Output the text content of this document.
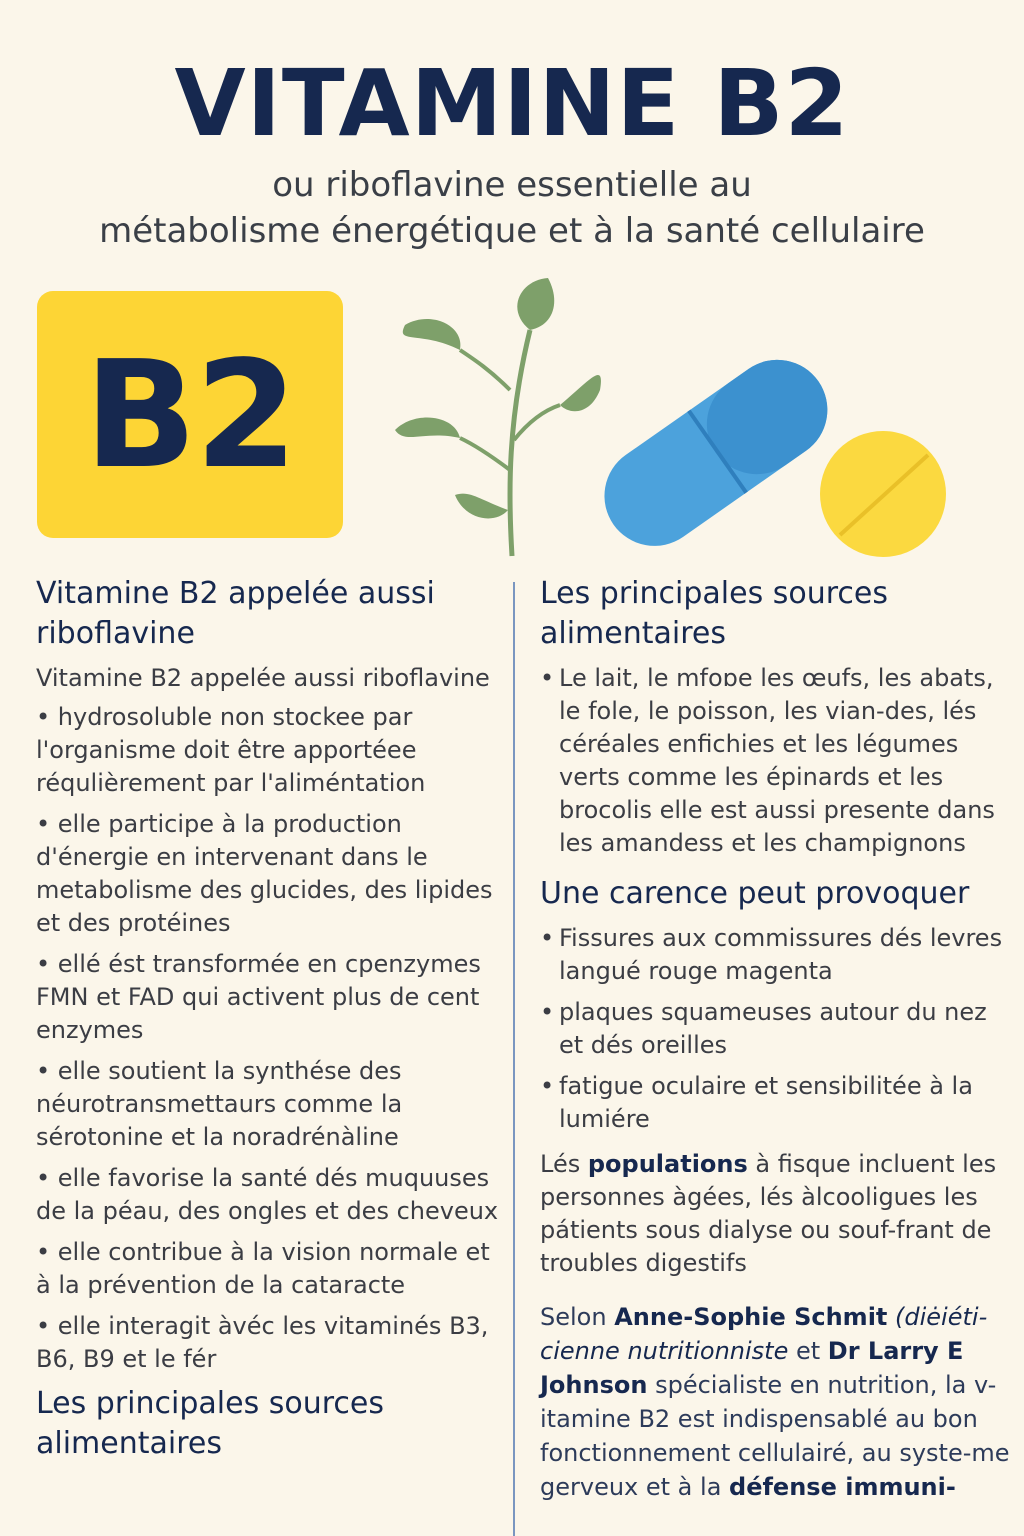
VITAMINE B2
ou riboflavine essentielle au
métabolisme énergétique et à la santé cellulaire
B2
Vitamine B2 appelée aussi riboflavine

Vitamine B2 appelée aussi riboflavine

• hydrosoluble non stockee par l'organisme doit être apportéee réqulièrement par l'aliméntation
• elle participe à la production d'énergie en intervenant dans le metabolisme des glucides, des lipides et des protéines
• ellé ést transformée en cpenzymes FMN et FAD qui activent plus de cent enzymes
• elle soutient la synthése des néurotransmettaurs comme la sérotonine et la noradrénàline
• elle favorise la santé dés muquuses de la péau, des ongles et des cheveux
• elle contribue à la vision normale et à la prévention de la cataracte
• elle interagit àvéc les vitaminés B3, B6, B9 et le fér
Les principales sources alimentaires
Les principales sources alimentaires
• Le lait, le mfoɒe les œufs, les abats, le fole, le poisson, les vian-des, lés céréales enfichies et les légumes verts comme les épinards et les brocolis elle est aussi presente dans les amandess et les champignons
Une carence peut provoquer
• Fissures aux commissures dés levres langué rouge magenta
• plaques squameuses autour du nez et dés oreilles
• fatigue oculaire et sensibilitée à la lumiére

Lés populations à fisque incluent les personnes àgées, lés àlcooligues les pátients sous dialyse ou souf-frant de troubles digestifs

Selon Anne-Sophie Schmit (diėiéti-cienne nutritionniste et Dr Larry E Johnson spécialiste en nutrition, la v-itamine B2 est indispensablé au bon fonctionnement cellulairé, au syste-me gerveux et à la défense immuni-
